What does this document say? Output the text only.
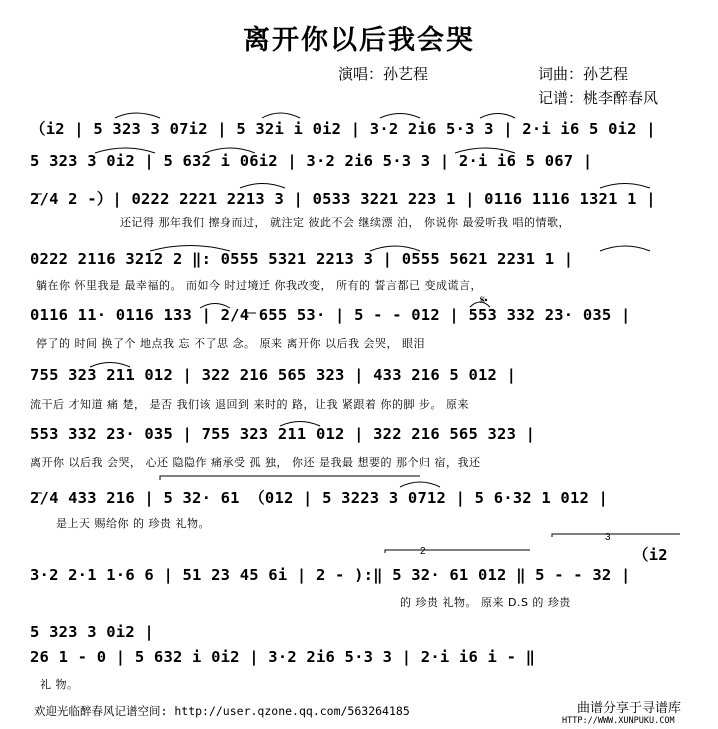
离开你以后我会哭
演唱：孙艺程	词曲：孙艺程
记谱：桃李醉春风
（i2 | 5 323 3 07i2 | 5 32i i 0i2 | 3·2 2i6 5·3 3 | 2·i i6 5 0i2 |
5 323 3 0i2 | 5 632 i 06i2 | 3·2 2i6 5·3 3 | 2·i i6 5 067 |
2/4 2 -）| 0222 2221 2213 3 | 0533 3221 223 1 | 0116 1116 1321 1 |
还记得 那年我们 擦身而过， 就注定 彼此不会 继续漂 泊， 你说你 最爱听我 唱的情歌，
0222 2116 3212 2 ‖: 0555 5321 2213 3 | 0555 5621 2231 1 |
躺在你 怀里我是 最幸福的。 而如今 时过境迁 你我改变， 所有的 誓言都已 变成谎言，
0116 11· 0116 133 | 2/4 655 53· | 5 - - 012 | 553 332 23· 035 |
停了的 时间 换了个 地点我 忘 不了思 念。 原来 离开你 以后我 会哭， 眼泪
755 323 211 012 | 322 216 565 323 | 433 216 5 012 |
流干后 才知道 痛 楚， 是否 我们该 退回到 来时的 路，让我 紧跟着 你的脚 步。 原来
553 332 23· 035 | 755 323 211 012 | 322 216 565 323 |
离开你 以后我 会哭， 心还 隐隐作 痛承受 孤 独， 你还 是我最 想要的 那个归 宿，我还
2/4 433 216 | 5 32· 61 （012 | 5 3223 3 0712 | 5 6·32 1 012 |
是上天 赐给你 的 珍贵 礼物。
（i2
3·2 2·1 1·6 6 | 51 23 45 6i | 2 - ):‖ 5 32· 61 012 ‖ 5 - - 32 |
的 珍贵 礼物。 原来 D.S 的 珍贵
5 323 3 0i2 |
26 1 - 0 | 5 632 i 0i2 | 3·2 2i6 5·3 3 | 2·i i6 i - ‖
礼 物。
2
3
𝄋
欢迎光临醉春风记谱空间: http://user.qzone.qq.com/563264185	曲谱分享于寻谱库
HTTP://WWW.XUNPUKU.COM
